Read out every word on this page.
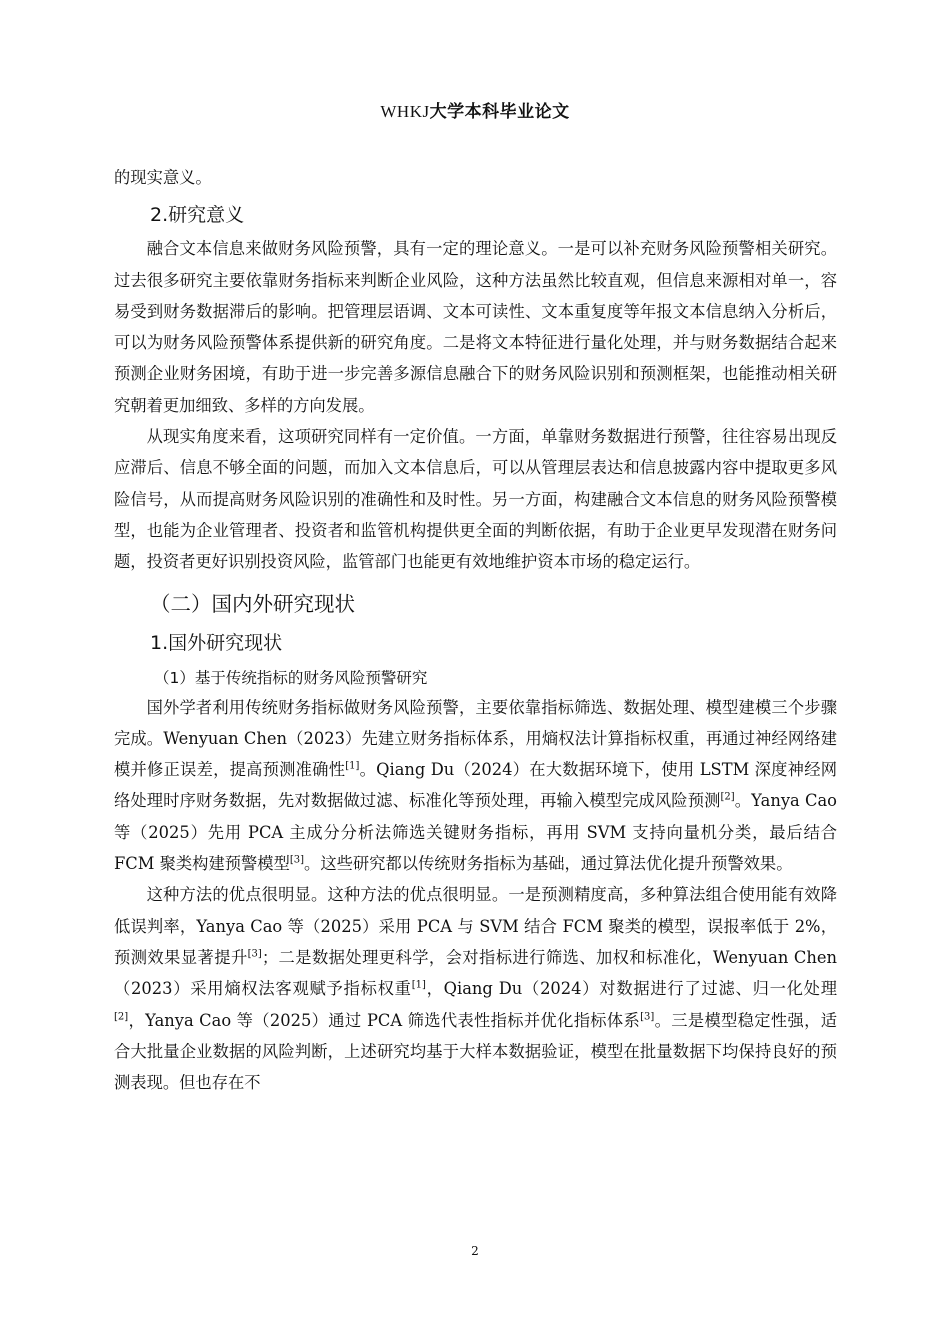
WHKJ大学本科毕业论文

的现实意义。

2.研究意义

融合文本信息来做财务风险预警，具有一定的理论意义。一是可以补充财务风险预警相关研究。过去很多研究主要依靠财务指标来判断企业风险，这种方法虽然比较直观，但信息来源相对单一，容易受到财务数据滞后的影响。把管理层语调、文本可读性、文本重复度等年报文本信息纳入分析后，可以为财务风险预警体系提供新的研究角度。二是将文本特征进行量化处理，并与财务数据结合起来预测企业财务困境，有助于进一步完善多源信息融合下的财务风险识别和预测框架，也能推动相关研究朝着更加细致、多样的方向发展。

从现实角度来看，这项研究同样有一定价值。一方面，单靠财务数据进行预警，往往容易出现反应滞后、信息不够全面的问题，而加入文本信息后，可以从管理层表达和信息披露内容中提取更多风险信号，从而提高财务风险识别的准确性和及时性。另一方面，构建融合文本信息的财务风险预警模型，也能为企业管理者、投资者和监管机构提供更全面的判断依据，有助于企业更早发现潜在财务问题，投资者更好识别投资风险，监管部门也能更有效地维护资本市场的稳定运行。

（二）国内外研究现状
1.国外研究现状
（1）基于传统指标的财务风险预警研究

国外学者利用传统财务指标做财务风险预警，主要依靠指标筛选、数据处理、模型建模三个步骤完成。Wenyuan Chen（2023）先建立财务指标体系，用熵权法计算指标权重，再通过神经网络建模并修正误差，提高预测准确性[1]。Qiang Du（2024）在大数据环境下，使用 LSTM 深度神经网络处理时序财务数据，先对数据做过滤、标准化等预处理，再输入模型完成风险预测[2]。Yanya Cao 等（2025）先用 PCA 主成分分析法筛选关键财务指标，再用 SVM 支持向量机分类，最后结合 FCM 聚类构建预警模型[3]。这些研究都以传统财务指标为基础，通过算法优化提升预警效果。

这种方法的优点很明显。这种方法的优点很明显。一是预测精度高，多种算法组合使用能有效降低误判率，Yanya Cao 等（2025）采用 PCA 与 SVM 结合 FCM 聚类的模型，误报率低于 2%，预测效果显著提升[3]；二是数据处理更科学，会对指标进行筛选、加权和标准化，Wenyuan Chen（2023）采用熵权法客观赋予指标权重[1]，Qiang Du（2024）对数据进行了过滤、归一化处理[2]，Yanya Cao 等（2025）通过 PCA 筛选代表性指标并优化指标体系[3]。三是模型稳定性强，适合大批量企业数据的风险判断，上述研究均基于大样本数据验证，模型在批量数据下均保持良好的预测表现。但也存在不

2
